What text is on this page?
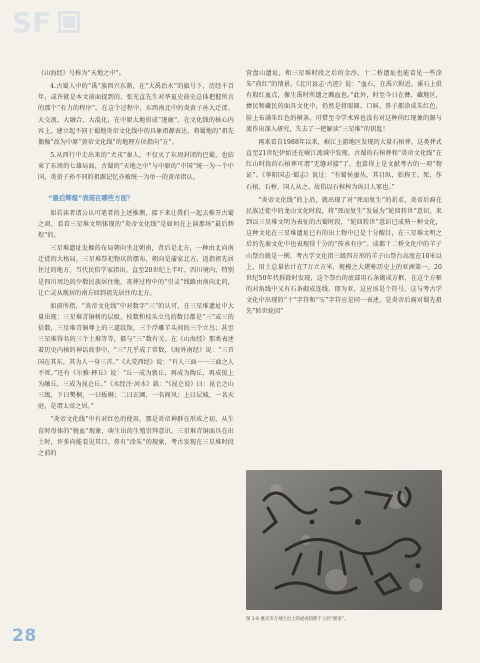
SF

《山海经》号称为“天地之中”。

4.古蜀人中的“禹”族西兴东渐，在“大禹治水”的旗号下，历经千百年，或许就是本文前面提到的，张光直先生对华夏史前史总体把握所言的那个“有力的程序”。在这个过程中，东西南北中的炎黄子孙大迁徙、大交流、大融合、大混化，在中原大地形成“逐鹿”，在文化线的核心内容上，建立起不同于蜀地炎帝文化线中的具象祖源表达，将蜀地的“祖先偶像”改为中原“黄帝文化线”的地理方位指向“方”。

5.从西行中走出来的“犬戎”秦人，不仅灭了东周封闭的巴蜀，也结束了东周的七雄局面，古蜀的“天地之中”与中原的“中国”统一为一个中国，炎黄子孙不同的祖源记忆亦被统一为单一的黄帝指认。

“最后辉煌”表现在哪些方面？

如若读者诸公认可笔者的上述推测，接下来让我们一起去推开古蜀之窗，看看三星堆文明体现的“炎帝文化线”是如何在上演那场“最后辉煌”的。

三星堆遗址发掘的布局朝向坐北朝南，背后是北方，一种由北向南迁徙的大格局，三星堆祭祀物坑的摆布，朝向是蒲家北方，返指祖先居住过的地方。当代民俗学家指出，直至20世纪上半叶，四川境内，特别是四川周边的少数民族居住地，丧葬过程中的“引灵”线路由南向北的，让亡灵从现居的南方回到祖先居住的北方。

如前所指，“炎帝文化线”中对数字“三”的认可，在三星堆遗址中大量出现：三星堆青铜树的层级、枝数和枝头立鸟的数目都是“三”或三的倍数，三星堆青铜尊上的三道纹饰，三个浮雕羊头间的三个立鸟；甚至三星堆得名的三个土堆等等，都与“三”数有关。在《山海经》那类表述着历史内核的神话故事中，“三”几乎成了常数，《海外南经》说：“三首国在其东，其为人一身三首。”《大荒西经》说：“有人三面一一三面之人不死。”还有《尔雅·释丘》说：“丘一成为敦丘，再成为陶丘，再成锐上为融丘，三成为昆仑丘。”《水经注·河水》载：“《昆仑说》曰：昆仑之山三级，下曰樊桐，一曰板桐；二曰玄圃，一名阆风；上曰层城，一名天庭，是谓太帝之居。”

“炎帝文化线”中有对红色的使用，那是炎帝神群在形成之初，从生育时母体的“娩血”现象，萌生出的生殖崇拜意识。三星堆青铜面具在出土时，许多向能看见其口、鼻有“涂朱”的现象，考古发现在三星堆时段之前的

营盘山遗址，和三星堆时段之后的金沙、十二桥遗址也能看见一些涂朱“尚红”的情景。《北川县志·古迹》说：“血石，在禹穴附近，溪石上俱有殷红血点，像生禹时所遗之溅血也。”此外，时至今日在彝、藏地区，彝民和藏民的面具文化中，仍然是将眼圈、口唇、鼻子都涂成朱红色，脸上布满朱红色的横条。可惜至今学术界也没有对这种尚红现象的源与流作出深入研究，失去了一把解读“三星堆”的钥匙！

再来看自1988年以来，岷江上游地区发现的大量石棺葬，这类葬式直至21世纪伊始还在岷江流域中发现，古蜀的石棺葬和“炎帝文化线”在红山时段的石棺葬可谓“无缝对接”了，也算得上是文献考古的一项“物证”。《华阳国志·蜀志》说过：“有蜀侯蚕丛，其目纵，始称王。死，作石棺、石椁，国人从之。故俗以石棺椁为纵目人冢也。”

“炎帝文化线”的上沿，就出现了对“死而复生”的祈求，炎帝后裔在民族迁徙中的龙山文化时段，将“死而复生”发展为“轮回转世”意识，来到以三星堆文明为表征的古蜀时段，“轮回转世”意识已成熟一种文化，这种文化在三星堆遗址已有的出土物中已是十分醒目，在三星堆文明之后的先秦文化中也表现得十分的“传承有序”。成都十二桥文化中的羊子山祭台就是一例，考古学文化指三级四方形的羊子山祭台高度在10米以上，用土总量估计在7万立方米，规模之大堪称历史上的亚洲第一，20世纪50年代拆除时发现，这个祭台的底部用石条砌成方框，在这个方框的对角线中又有石条砌成连线，即为亚，这应该是个符号。这与考古学文化中出现的“十”字符和“卐”字符应是同一表述，是炎帝后裔对蜀先祖先“转世轮回”

图 1-6 重庆市万州区出土的虎虎钮錞于上的“图语”。
28
